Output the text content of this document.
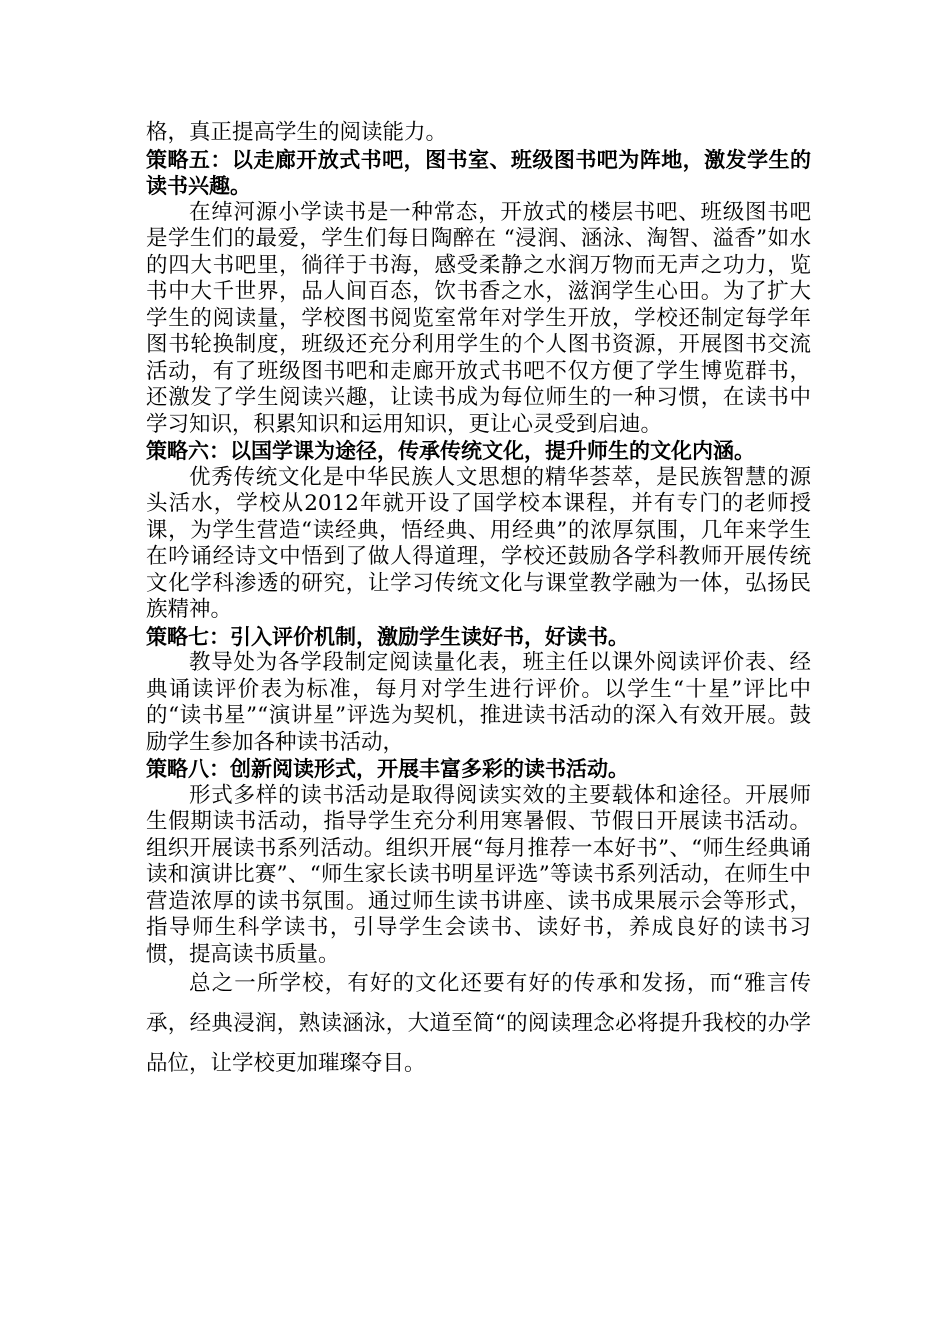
格，真正提高学生的阅读能力。

策略五：以走廊开放式书吧，图书室、班级图书吧为阵地，激发学生的读书兴趣。

在绰河源小学读书是一种常态，开放式的楼层书吧、班级图书吧是学生们的最爱，学生们每日陶醉在 “浸润、涵泳、淘智、溢香”如水的四大书吧里，徜徉于书海，感受柔静之水润万物而无声之功力，览书中大千世界，品人间百态，饮书香之水，滋润学生心田。为了扩大学生的阅读量，学校图书阅览室常年对学生开放，学校还制定每学年图书轮换制度，班级还充分利用学生的个人图书资源，开展图书交流活动，有了班级图书吧和走廊开放式书吧不仅方便了学生博览群书，还激发了学生阅读兴趣，让读书成为每位师生的一种习惯，在读书中学习知识，积累知识和运用知识，更让心灵受到启迪。

策略六：以国学课为途径，传承传统文化，提升师生的文化内涵。

优秀传统文化是中华民族人文思想的精华荟萃，是民族智慧的源头活水，学校从2012年就开设了国学校本课程，并有专门的老师授课，为学生营造“读经典，悟经典、用经典”的浓厚氛围，几年来学生在吟诵经诗文中悟到了做人得道理，学校还鼓励各学科教师开展传统文化学科渗透的研究，让学习传统文化与课堂教学融为一体，弘扬民族精神。

策略七：引入评价机制，激励学生读好书，好读书。

教导处为各学段制定阅读量化表，班主任以课外阅读评价表、经典诵读评价表为标准，每月对学生进行评价。以学生“十星”评比中的“读书星”“演讲星”评选为契机，推进读书活动的深入有效开展。鼓励学生参加各种读书活动，

策略八：创新阅读形式，开展丰富多彩的读书活动。

形式多样的读书活动是取得阅读实效的主要载体和途径。开展师生假期读书活动，指导学生充分利用寒暑假、节假日开展读书活动。组织开展读书系列活动。组织开展“每月推荐一本好书”、“师生经典诵读和演讲比赛”、“师生家长读书明星评选”等读书系列活动，在师生中营造浓厚的读书氛围。通过师生读书讲座、读书成果展示会等形式，指导师生科学读书，引导学生会读书、读好书，养成良好的读书习惯，提高读书质量。

总之一所学校，有好的文化还要有好的传承和发扬，而“雅言传承，经典浸润，熟读涵泳，大道至简“的阅读理念必将提升我校的办学品位，让学校更加璀璨夺目。
